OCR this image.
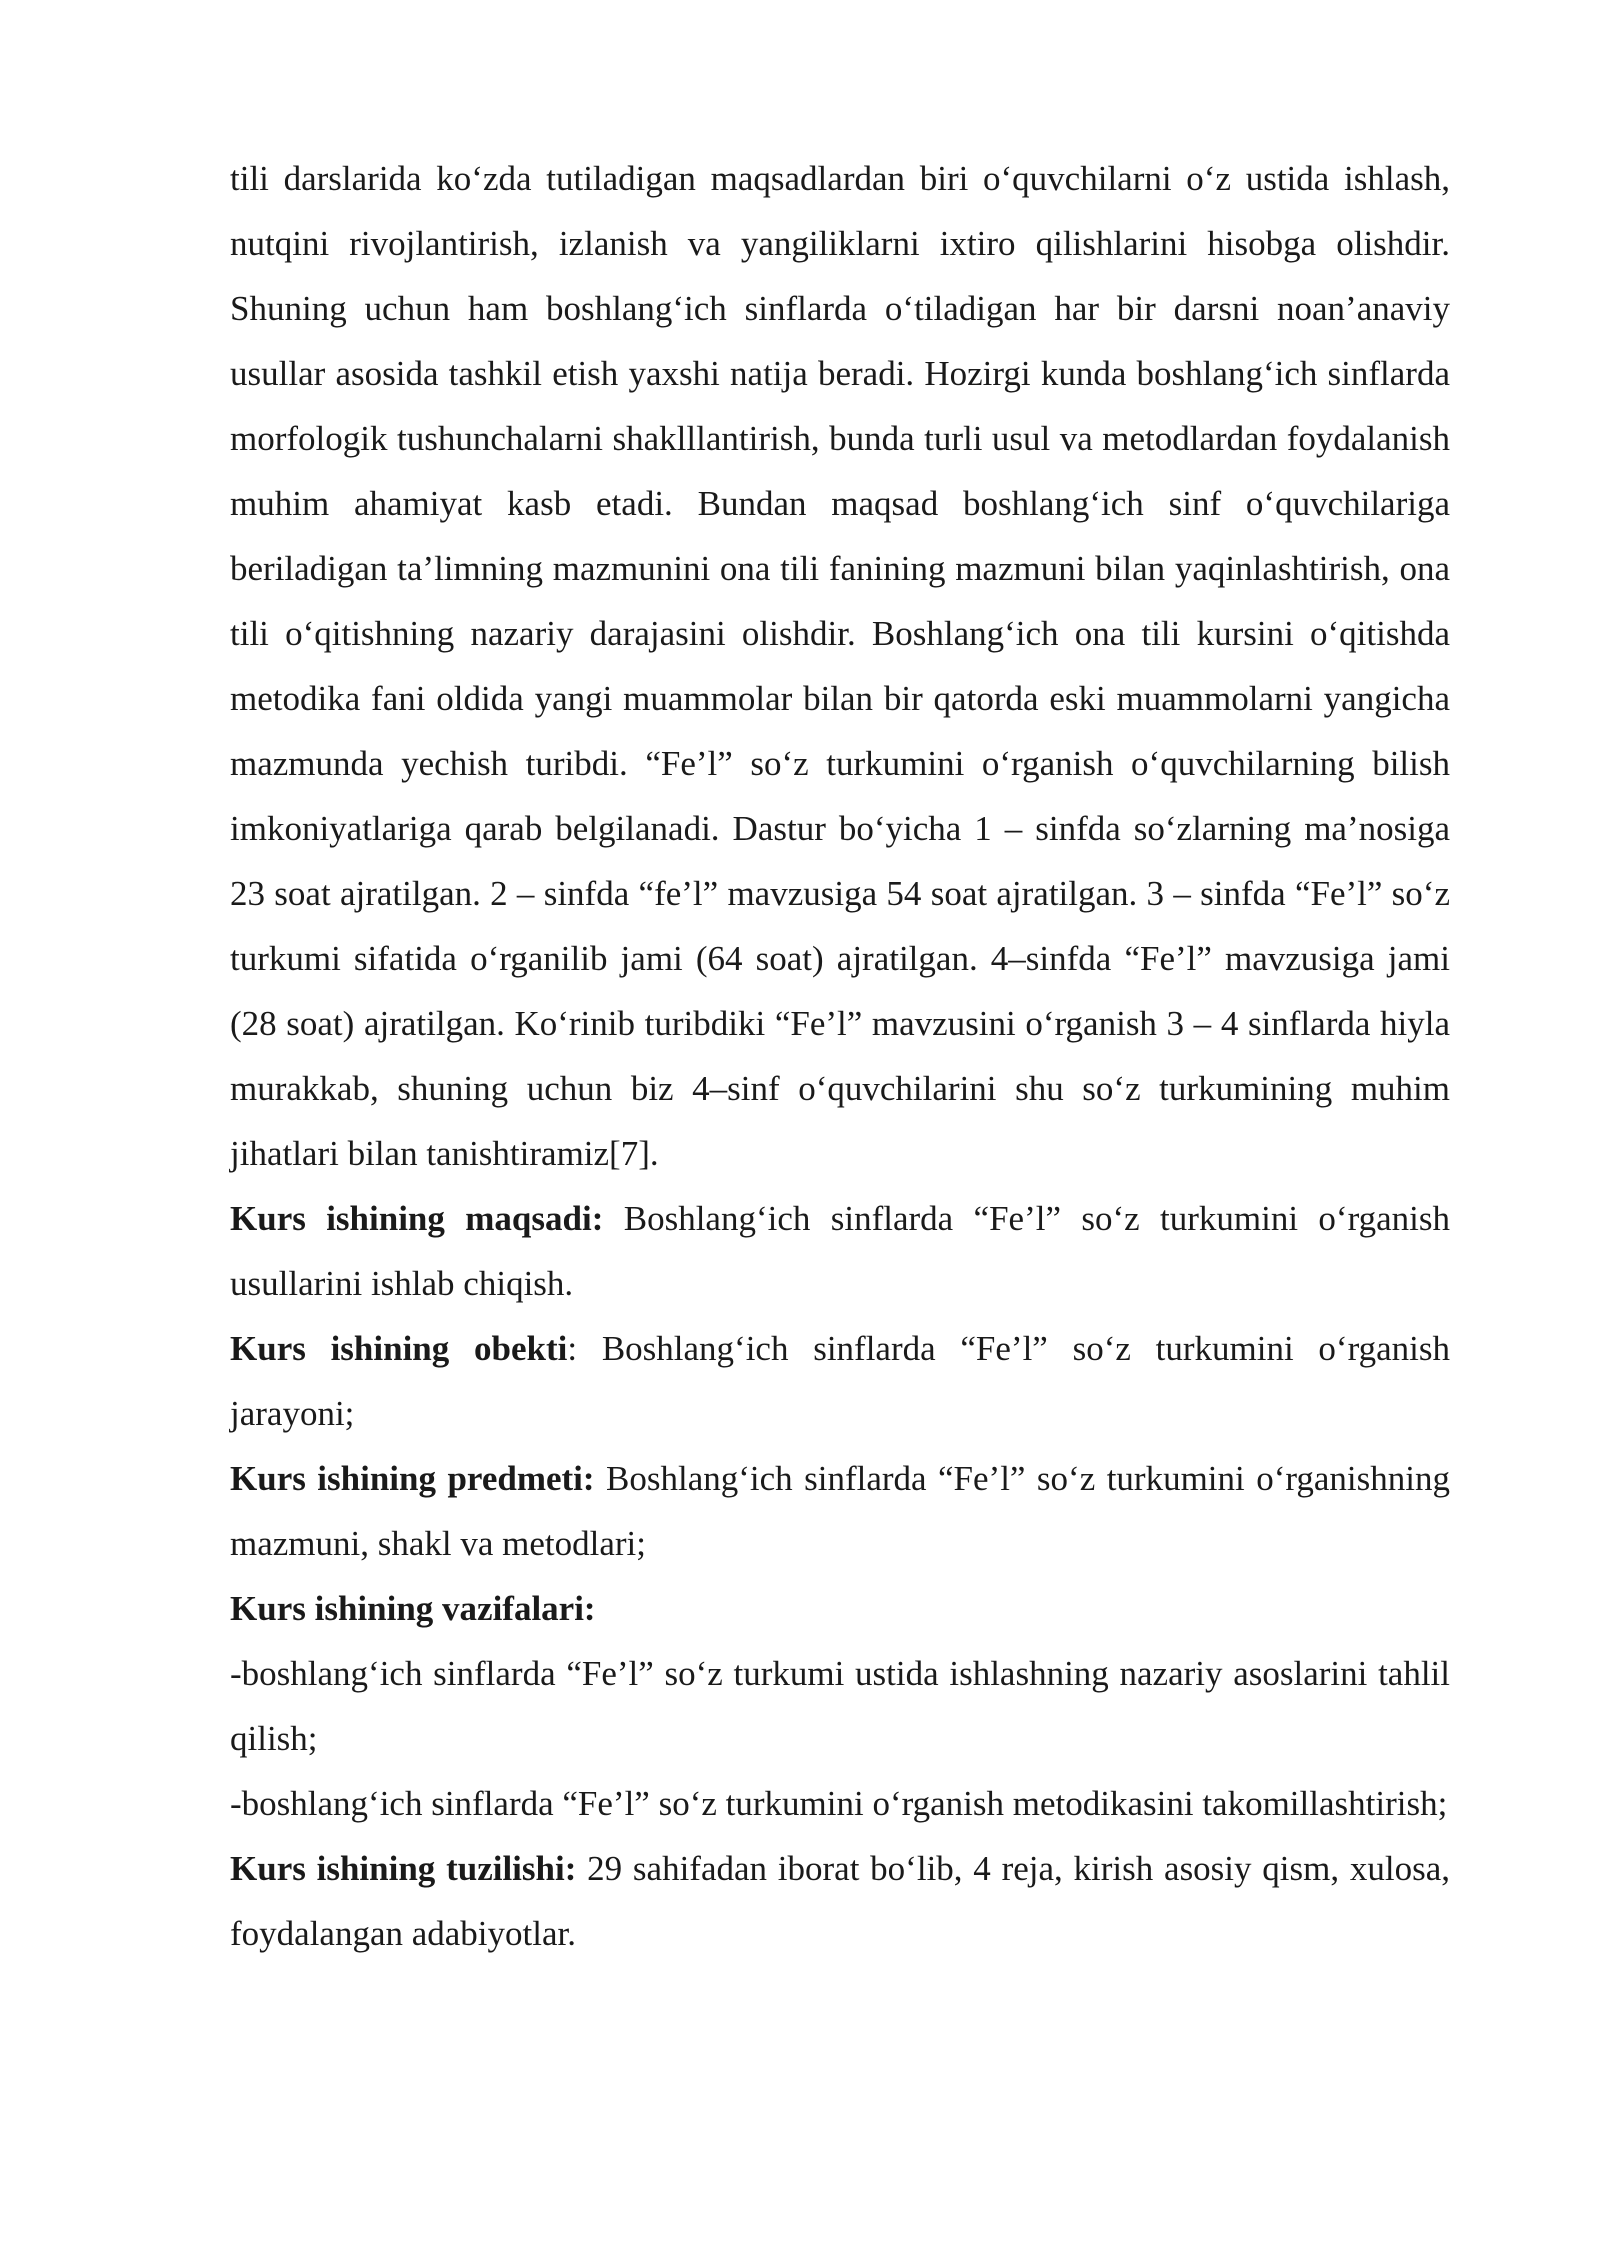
tili darslarida ko‘zda tutiladigan maqsadlardan biri o‘quvchilarni o‘z ustida ishlash, nutqini rivojlantirish, izlanish va yangiliklarni ixtiro qilishlarini hisobga olishdir. Shuning uchun ham boshlang‘ich sinflarda o‘tiladigan har bir darsni noan’anaviy usullar asosida tashkil etish yaxshi natija beradi. Hozirgi kunda boshlang‘ich sinflarda morfologik tushunchalarni shaklllantirish, bunda turli usul va metodlardan foydalanish muhim ahamiyat kasb etadi. Bundan maqsad boshlang‘ich sinf o‘quvchilariga beriladigan ta’limning mazmunini ona tili fanining mazmuni bilan yaqinlashtirish, ona tili o‘qitishning nazariy darajasini olishdir. Boshlang‘ich ona tili kursini o‘qitishda metodika fani oldida yangi muammolar bilan bir qatorda eski muammolarni yangicha mazmunda yechish turibdi. “Fe’l” so‘z turkumini o‘rganish o‘quvchilarning bilish imkoniyatlariga qarab belgilanadi. Dastur bo‘yicha 1 – sinfda so‘zlarning ma’nosiga 23 soat ajratilgan. 2 – sinfda “fe’l” mavzusiga 54 soat ajratilgan. 3 – sinfda “Fe’l” so‘z turkumi sifatida o‘rganilib jami (64 soat) ajratilgan. 4–sinfda “Fe’l” mavzusiga jami (28 soat) ajratilgan. Ko‘rinib turibdiki “Fe’l” mavzusini o‘rganish 3 – 4 sinflarda hiyla murakkab, shuning uchun biz 4–sinf o‘quvchilarini shu so‘z turkumining muhim jihatlari bilan tanishtiramiz[7].

Kurs ishining maqsadi: Boshlang‘ich sinflarda “Fe’l” so‘z turkumini o‘rganish usullarini ishlab chiqish.

Kurs ishining obekti: Boshlang‘ich sinflarda “Fe’l” so‘z turkumini o‘rganish jarayoni;

Kurs ishining predmeti: Boshlang‘ich sinflarda “Fe’l” so‘z turkumini o‘rganishning mazmuni, shakl va metodlari;

Kurs ishining vazifalari:

-boshlang‘ich sinflarda “Fe’l” so‘z turkumi ustida ishlashning nazariy asoslarini tahlil qilish;

-boshlang‘ich sinflarda “Fe’l” so‘z turkumini o‘rganish metodikasini takomillashtirish;

Kurs ishining tuzilishi: 29 sahifadan iborat bo‘lib, 4 reja, kirish asosiy qism, xulosa, foydalangan adabiyotlar.
